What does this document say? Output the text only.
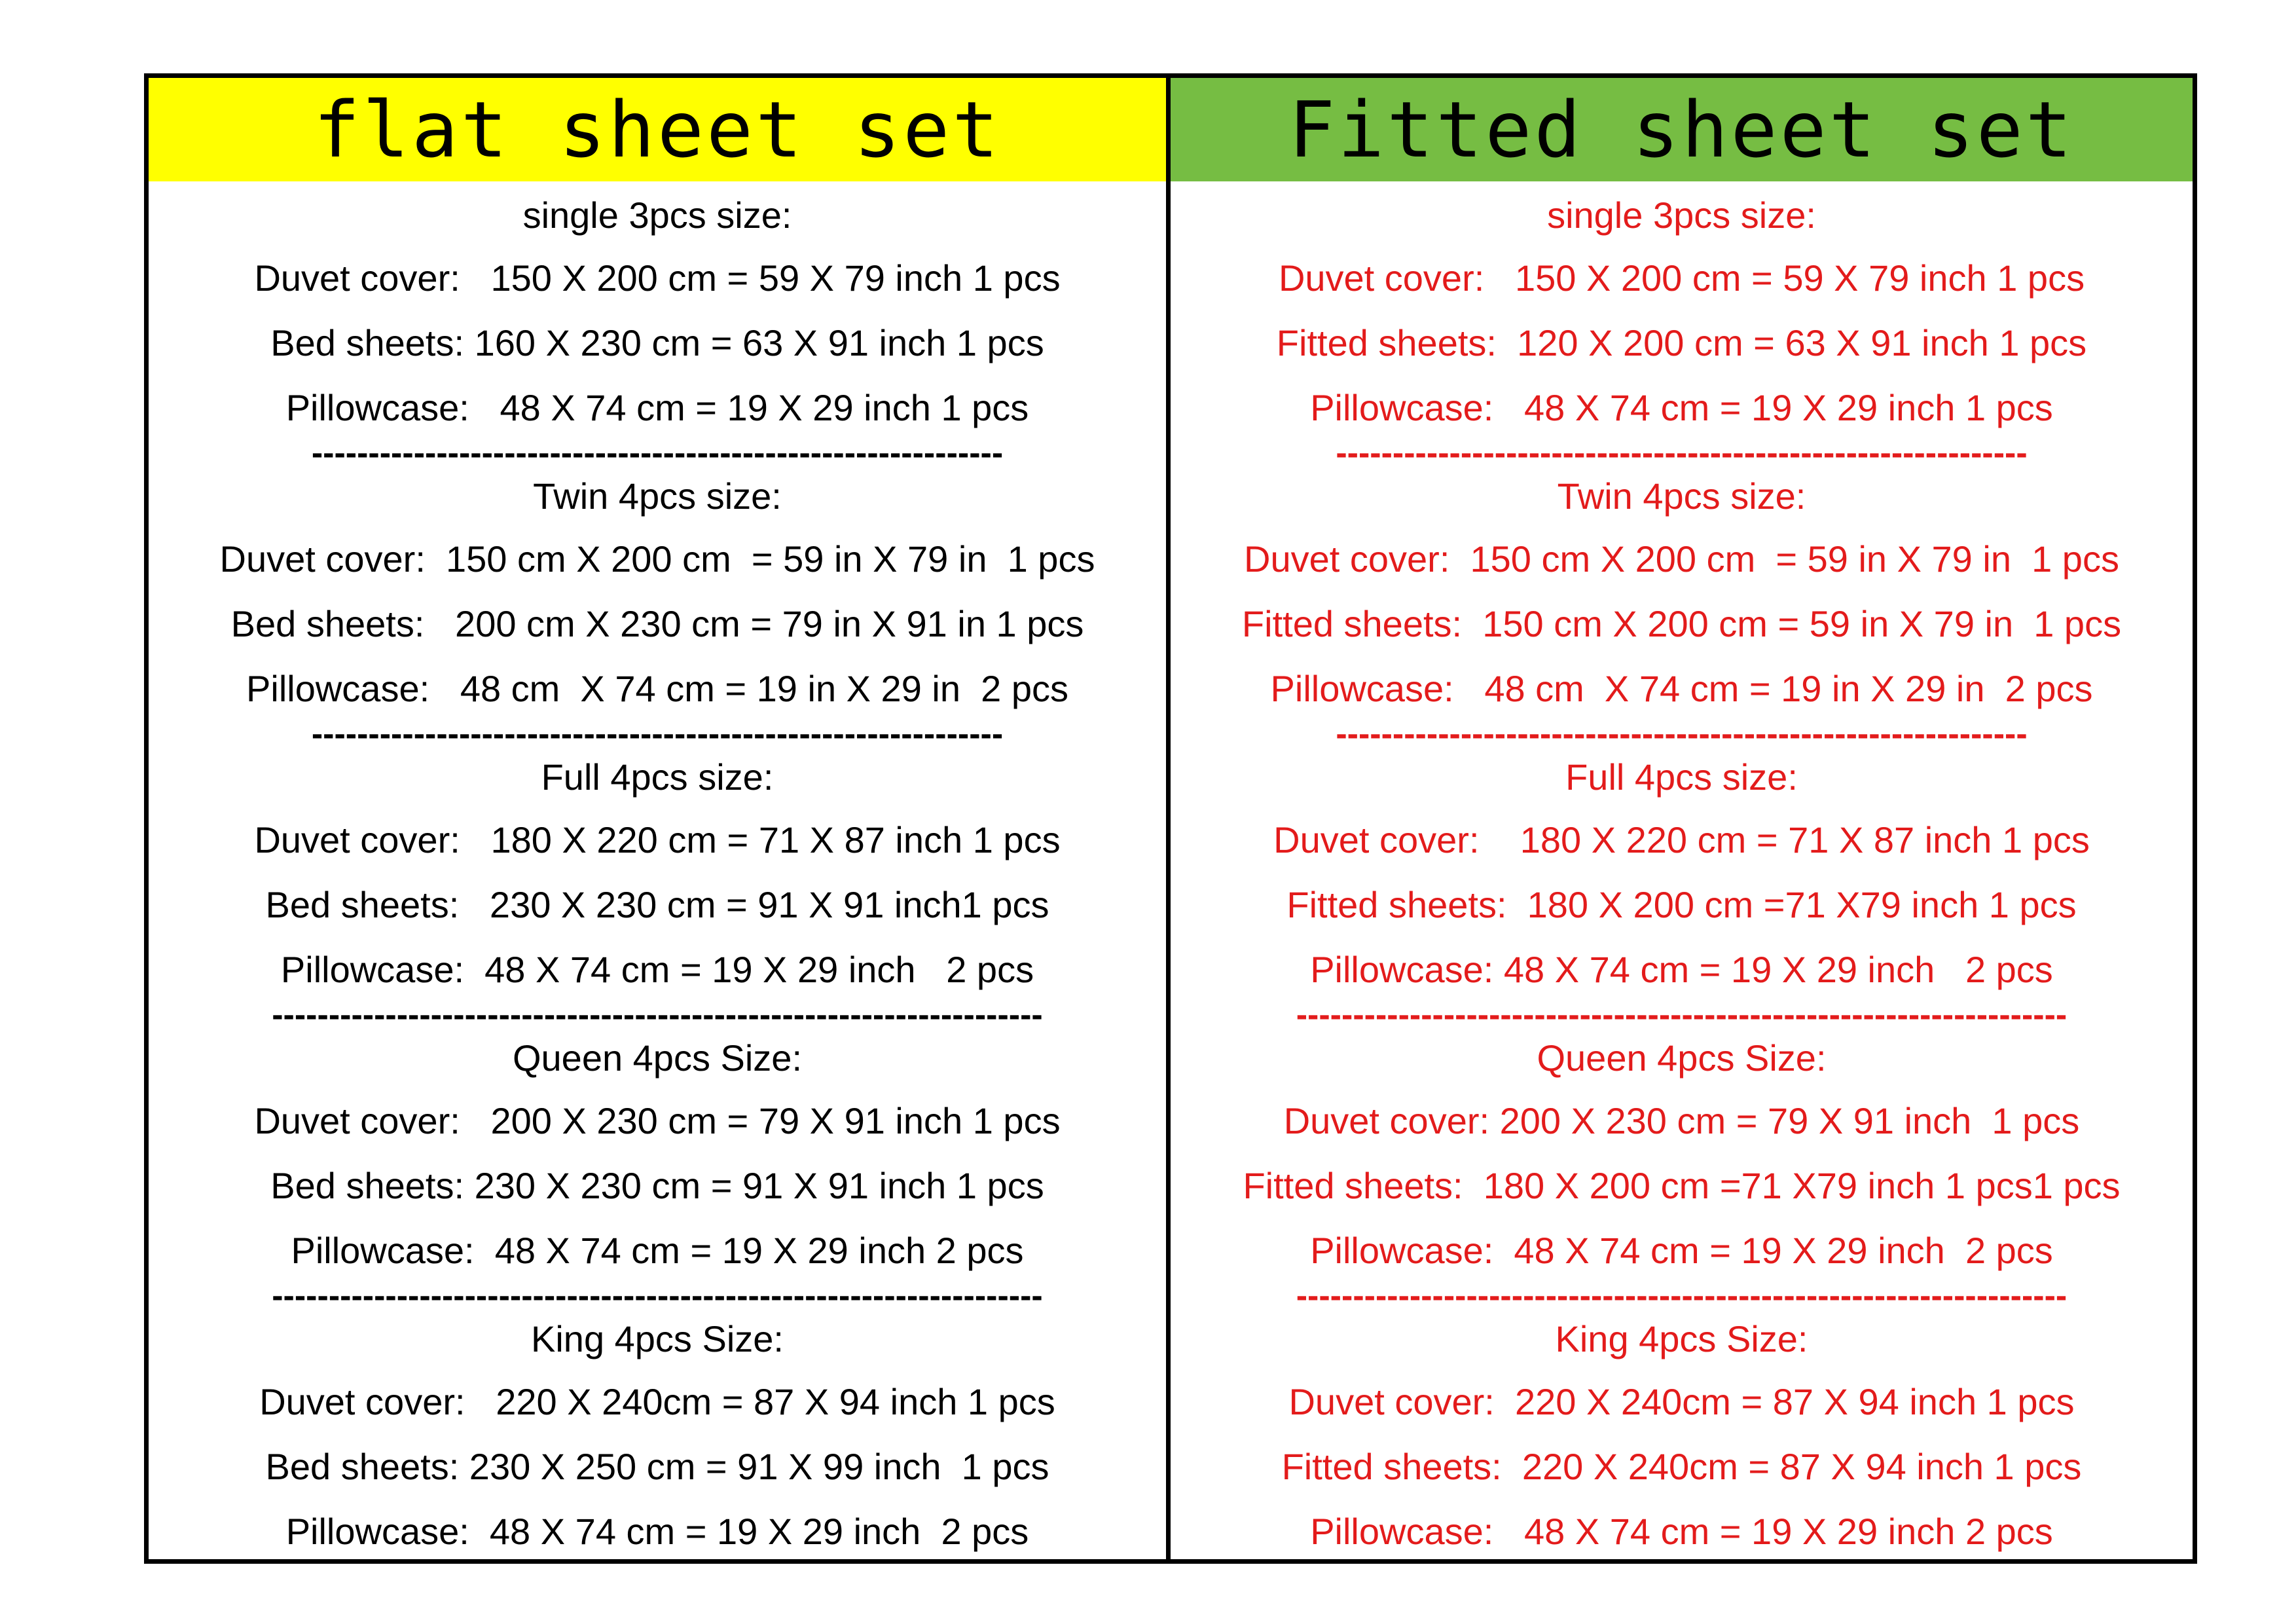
flat sheet set
single 3pcs size:
Duvet cover:   150 X 200 cm = 59 X 79 inch 1 pcs
Bed sheets: 160 X 230 cm = 63 X 91 inch 1 pcs
Pillowcase:   48 X 74 cm = 19 X 29 inch 1 pcs
-------------------------------------------------------------
Twin 4pcs size:
Duvet cover:  150 cm X 200 cm  = 59 in X 79 in  1 pcs
Bed sheets:   200 cm X 230 cm = 79 in X 91 in 1 pcs
Pillowcase:   48 cm  X 74 cm = 19 in X 29 in  2 pcs
-------------------------------------------------------------
Full 4pcs size:
Duvet cover:   180 X 220 cm = 71 X 87 inch 1 pcs
Bed sheets:   230 X 230 cm = 91 X 91 inch1 pcs
Pillowcase:  48 X 74 cm = 19 X 29 inch   2 pcs
--------------------------------------------------------------------
Queen 4pcs Size:
Duvet cover:   200 X 230 cm = 79 X 91 inch 1 pcs
Bed sheets: 230 X 230 cm = 91 X 91 inch 1 pcs
Pillowcase:  48 X 74 cm = 19 X 29 inch 2 pcs
--------------------------------------------------------------------
King 4pcs Size:
Duvet cover:   220 X 240cm = 87 X 94 inch 1 pcs
Bed sheets: 230 X 250 cm = 91 X 99 inch  1 pcs
Pillowcase:  48 X 74 cm = 19 X 29 inch  2 pcs
Fitted sheet set
single 3pcs size:
Duvet cover:   150 X 200 cm = 59 X 79 inch 1 pcs
Fitted sheets:  120 X 200 cm = 63 X 91 inch 1 pcs
Pillowcase:   48 X 74 cm = 19 X 29 inch 1 pcs
-------------------------------------------------------------
Twin 4pcs size:
Duvet cover:  150 cm X 200 cm  = 59 in X 79 in  1 pcs
Fitted sheets:  150 cm X 200 cm = 59 in X 79 in  1 pcs
Pillowcase:   48 cm  X 74 cm = 19 in X 29 in  2 pcs
-------------------------------------------------------------
Full 4pcs size:
Duvet cover:    180 X 220 cm = 71 X 87 inch 1 pcs
Fitted sheets:  180 X 200 cm =71 X79 inch 1 pcs
Pillowcase: 48 X 74 cm = 19 X 29 inch   2 pcs
--------------------------------------------------------------------
Queen 4pcs Size:
Duvet cover: 200 X 230 cm = 79 X 91 inch  1 pcs
Fitted sheets:  180 X 200 cm =71 X79 inch 1 pcs1 pcs
Pillowcase:  48 X 74 cm = 19 X 29 inch  2 pcs
--------------------------------------------------------------------
King 4pcs Size:
Duvet cover:  220 X 240cm = 87 X 94 inch 1 pcs
Fitted sheets:  220 X 240cm = 87 X 94 inch 1 pcs
Pillowcase:   48 X 74 cm = 19 X 29 inch 2 pcs
